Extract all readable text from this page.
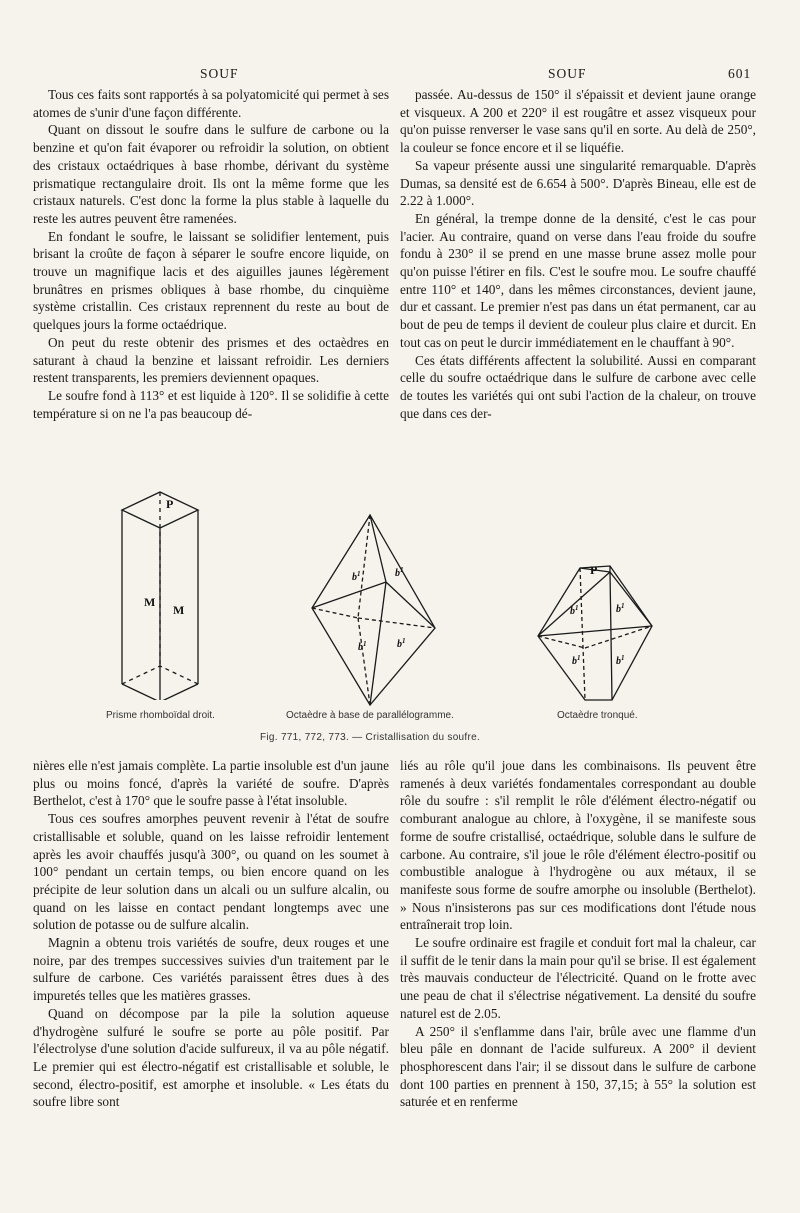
SOUF	SOUF	601

Tous ces faits sont rapportés à sa polyatomicité qui permet à ses atomes de s'unir d'une façon différente.

Quant on dissout le soufre dans le sulfure de carbone ou la benzine et qu'on fait évaporer ou refroidir la solution, on obtient des cristaux octaédriques à base rhombe, dérivant du système prismatique rectangulaire droit. Ils ont la même forme que les cristaux naturels. C'est donc la forme la plus stable à laquelle du reste les autres peuvent être ramenées.

En fondant le soufre, le laissant se solidifier lentement, puis brisant la croûte de façon à séparer le soufre encore liquide, on trouve un magnifique lacis et des aiguilles jaunes légèrement brunâtres en prismes obliques à base rhombe, du cinquième système cristallin. Ces cristaux reprennent du reste au bout de quelques jours la forme octaédrique.

On peut du reste obtenir des prismes et des octaèdres en saturant à chaud la benzine et laissant refroidir. Les derniers restent transparents, les premiers deviennent opaques.

Le soufre fond à 113° et est liquide à 120°. Il se solidifie à cette température si on ne l'a pas beaucoup dé-

passée. Au-dessus de 150° il s'épaissit et devient jaune orange et visqueux. A 200 et 220° il est rougâtre et assez visqueux pour qu'on puisse renverser le vase sans qu'il en sorte. Au delà de 250°, la couleur se fonce encore et il se liquéfie.

Sa vapeur présente aussi une singularité remarquable. D'après Dumas, sa densité est de 6.654 à 500°. D'après Bineau, elle est de 2.22 à 1.000°.

En général, la trempe donne de la densité, c'est le cas pour l'acier. Au contraire, quand on verse dans l'eau froide du soufre fondu à 230° il se prend en une masse brune assez molle pour qu'on puisse l'étirer en fils. C'est le soufre mou. Le soufre chauffé entre 110° et 140°, dans les mêmes circonstances, devient jaune, dur et cassant. Le premier n'est pas dans un état permanent, car au bout de peu de temps il devient de couleur plus claire et durcit. En tout cas on peut le durcir immédiatement en le chauffant à 90°.

Ces états différents affectent la solubilité. Aussi en comparant celle du soufre octaédrique dans le sulfure de carbone avec celle de toutes les variétés qui ont subi l'action de la chaleur, on trouve que dans ces der-

P
M
M
$b^1$	$b^1$
$b^1$	$b^1$
P
$b^1$	$b^1$
$b^1$	$b^1$
Prisme rhomboïdal droit.	Octaèdre à base de parallélogramme.	Octaèdre tronqué.
Fig. 771, 772, 773. — Cristallisation du soufre.

nières elle n'est jamais complète. La partie insoluble est d'un jaune plus ou moins foncé, d'après la variété de soufre. D'après Berthelot, c'est à 170° que le soufre passe à l'état insoluble.

Tous ces soufres amorphes peuvent revenir à l'état de soufre cristallisable et soluble, quand on les laisse refroidir lentement après les avoir chauffés jusqu'à 300°, ou quand on les soumet à 100° pendant un certain temps, ou bien encore quand on les précipite de leur solution dans un alcali ou un sulfure alcalin, ou quand on les laisse en contact pendant longtemps avec une solution de potasse ou de sulfure alcalin.

Magnin a obtenu trois variétés de soufre, deux rouges et une noire, par des trempes successives suivies d'un traitement par le sulfure de carbone. Ces variétés paraissent êtres dues à des impuretés telles que les matières grasses.

Quand on décompose par la pile la solution aqueuse d'hydrogène sulfuré le soufre se porte au pôle positif. Par l'électrolyse d'une solution d'acide sulfureux, il va au pôle négatif. Le premier qui est électro-négatif est cristallisable et soluble, le second, électro-positif, est amorphe et insoluble. « Les états du soufre libre sont

liés au rôle qu'il joue dans les combinaisons. Ils peuvent être ramenés à deux variétés fondamentales correspondant au double rôle du soufre : s'il remplit le rôle d'élément électro-négatif ou comburant analogue au chlore, à l'oxygène, il se manifeste sous forme de soufre cristallisé, octaédrique, soluble dans le sulfure de carbone. Au contraire, s'il joue le rôle d'élément électro-positif ou combustible analogue à l'hydrogène ou aux métaux, il se manifeste sous forme de soufre amorphe ou insoluble (Berthelot). » Nous n'insisterons pas sur ces modifications dont l'étude nous entraînerait trop loin.

Le soufre ordinaire est fragile et conduit fort mal la chaleur, car il suffit de le tenir dans la main pour qu'il se brise. Il est également très mauvais conducteur de l'électricité. Quand on le frotte avec une peau de chat il s'électrise négativement. La densité du soufre naturel est de 2.05.

A 250° il s'enflamme dans l'air, brûle avec une flamme d'un bleu pâle en donnant de l'acide sulfureux. A 200° il devient phosphorescent dans l'air; il se dissout dans le sulfure de carbone dont 100 parties en prennent à 150, 37,15; à 55° la solution est saturée et en renferme
